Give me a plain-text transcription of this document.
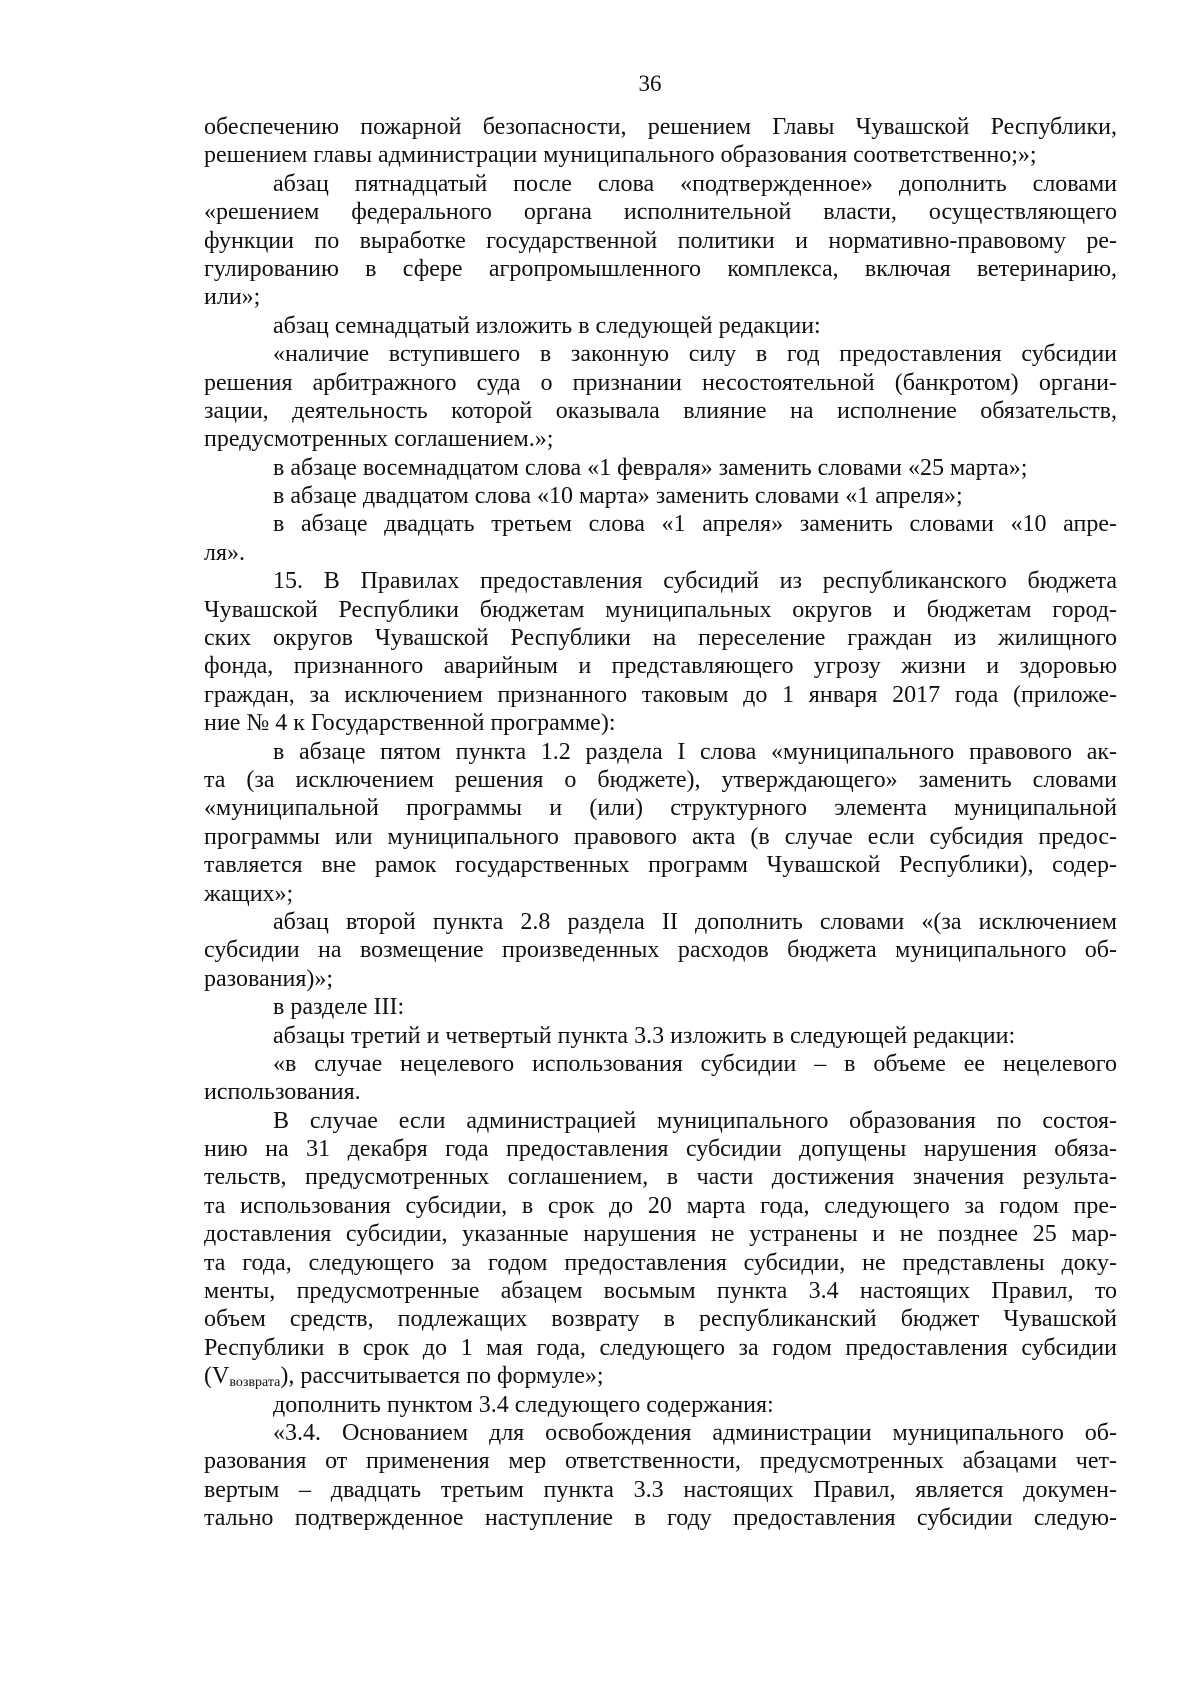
36
обеспечению пожарной безопасности, решением Главы Чувашской Республики,
решением главы администрации муниципального образования соответственно;»;
абзац пятнадцатый после слова «подтвержденное» дополнить словами
«решением федерального органа исполнительной власти, осуществляющего
функции по выработке государственной политики и нормативно-правовому ре-
гулированию в сфере агропромышленного комплекса, включая ветеринарию,
или»;
абзац семнадцатый изложить в следующей редакции:
«наличие вступившего в законную силу в год предоставления субсидии
решения арбитражного суда о признании несостоятельной (банкротом) органи-
зации, деятельность которой оказывала влияние на исполнение обязательств,
предусмотренных соглашением.»;
в абзаце восемнадцатом слова «1 февраля» заменить словами «25 марта»;
в абзаце двадцатом слова «10 марта» заменить словами «1 апреля»;
в абзаце двадцать третьем слова «1 апреля» заменить словами «10 апре-
ля».
15. В Правилах предоставления субсидий из республиканского бюджета
Чувашской Республики бюджетам муниципальных округов и бюджетам город-
ских округов Чувашской Республики на переселение граждан из жилищного
фонда, признанного аварийным и представляющего угрозу жизни и здоровью
граждан, за исключением признанного таковым до 1 января 2017 года (приложе-
ние № 4 к Государственной программе):
в абзаце пятом пункта 1.2 раздела I слова «муниципального правового ак-
та (за исключением решения о бюджете), утверждающего» заменить словами
«муниципальной программы и (или) структурного элемента муниципальной
программы или муниципального правового акта (в случае если субсидия предос-
тавляется вне рамок государственных программ Чувашской Республики), содер-
жащих»;
абзац второй пункта 2.8 раздела II дополнить словами «(за исключением
субсидии на возмещение произведенных расходов бюджета муниципального об-
разования)»;
в разделе III:
абзацы третий и четвертый пункта 3.3 изложить в следующей редакции:
«в случае нецелевого использования субсидии – в объеме ее нецелевого
использования.
В случае если администрацией муниципального образования по состоя-
нию на 31 декабря года предоставления субсидии допущены нарушения обяза-
тельств, предусмотренных соглашением, в части достижения значения результа-
та использования субсидии, в срок до 20 марта года, следующего за годом пре-
доставления субсидии, указанные нарушения не устранены и не позднее 25 мар-
та года, следующего за годом предоставления субсидии, не представлены доку-
менты, предусмотренные абзацем восьмым пункта 3.4 настоящих Правил, то
объем средств, подлежащих возврату в республиканский бюджет Чувашской
Республики в срок до 1 мая года, следующего за годом предоставления субсидии
$(V_{возврата})$, рассчитывается по формуле»;
дополнить пунктом 3.4 следующего содержания:
«3.4. Основанием для освобождения администрации муниципального об-
разования от применения мер ответственности, предусмотренных абзацами чет-
вертым – двадцать третьим пункта 3.3 настоящих Правил, является докумен-
тально подтвержденное наступление в году предоставления субсидии следую-
